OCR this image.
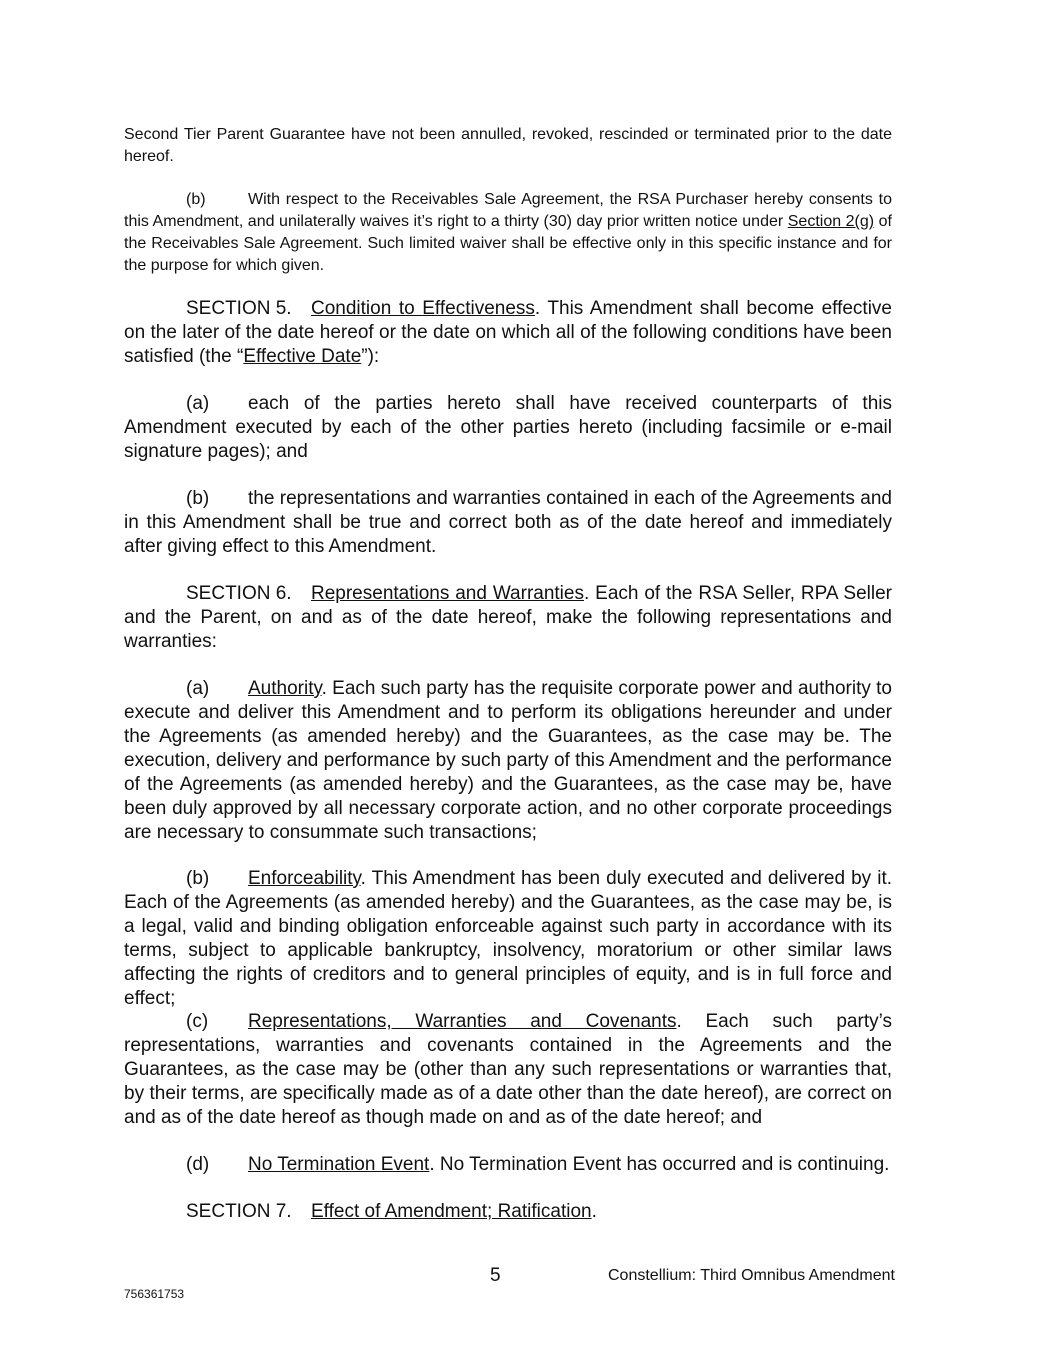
Second Tier Parent Guarantee have not been annulled, revoked, rescinded or terminated prior to the date hereof.

(b)	With respect to the Receivables Sale Agreement, the RSA Purchaser hereby consents to this Amendment, and unilaterally waives it’s right to a thirty (30) day prior written notice under Section 2(g) of the Receivables Sale Agreement. Such limited waiver shall be effective only in this specific instance and for the purpose for which given.

SECTION 5. Condition to Effectiveness. This Amendment shall become effective on the later of the date hereof or the date on which all of the following conditions have been satisfied (the “Effective Date”):

(a) each of the parties hereto shall have received counterparts of this Amendment executed by each of the other parties hereto (including facsimile or e-mail signature pages); and

(b) the representations and warranties contained in each of the Agreements and in this Amendment shall be true and correct both as of the date hereof and immediately after giving effect to this Amendment.

SECTION 6. Representations and Warranties. Each of the RSA Seller, RPA Seller and the Parent, on and as of the date hereof, make the following representations and warranties:

(a) Authority. Each such party has the requisite corporate power and authority to execute and deliver this Amendment and to perform its obligations hereunder and under the Agreements (as amended hereby) and the Guarantees, as the case may be. The execution, delivery and performance by such party of this Amendment and the performance of the Agreements (as amended hereby) and the Guarantees, as the case may be, have been duly approved by all necessary corporate action, and no other corporate proceedings are necessary to consummate such transactions;

(b) Enforceability. This Amendment has been duly executed and delivered by it. Each of the Agreements (as amended hereby) and the Guarantees, as the case may be, is a legal, valid and binding obligation enforceable against such party in accordance with its terms, subject to applicable bankruptcy, insolvency, moratorium or other similar laws affecting the rights of creditors and to general principles of equity, and is in full force and effect;

(c) Representations, Warranties and Covenants. Each such party’s representations, warranties and covenants contained in the Agreements and the Guarantees, as the case may be (other than any such representations or warranties that, by their terms, are specifically made as of a date other than the date hereof), are correct on and as of the date hereof as though made on and as of the date hereof; and

(d) No Termination Event. No Termination Event has occurred and is continuing.

SECTION 7. Effect of Amendment; Ratification.

5	Constellium: Third Omnibus Amendment
756361753
